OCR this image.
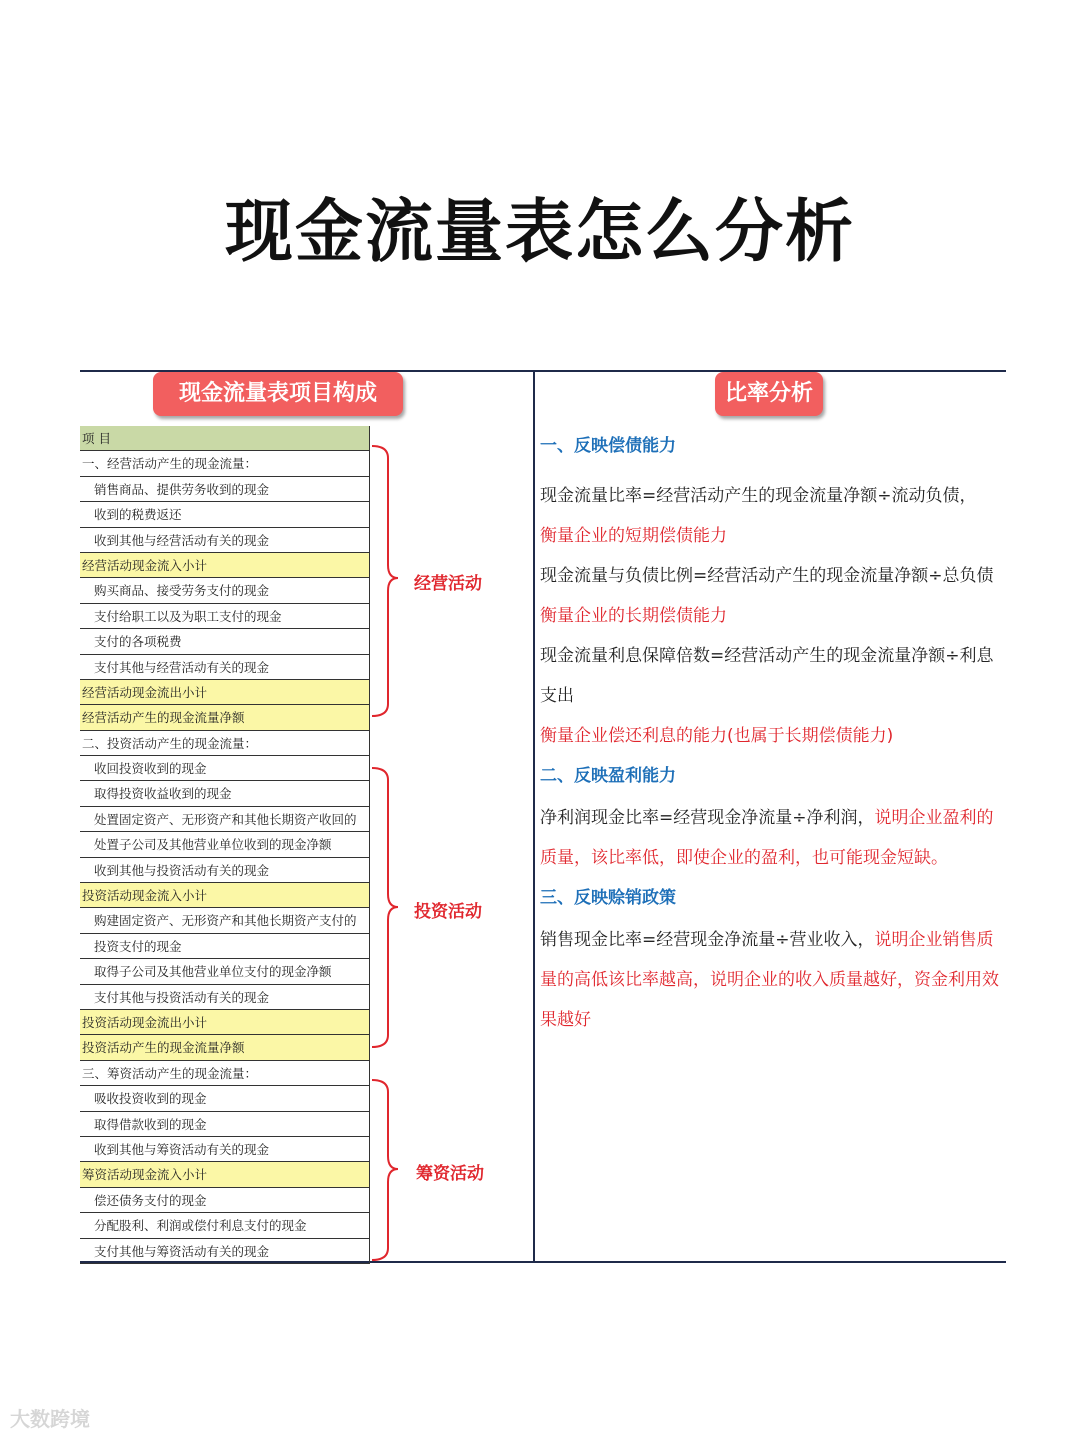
现金流量表怎么分析
现金流量表项目构成	比率分析
项 目
一、经营活动产生的现金流量：
销售商品、提供劳务收到的现金
收到的税费返还
收到其他与经营活动有关的现金
经营活动现金流入小计
购买商品、接受劳务支付的现金
支付给职工以及为职工支付的现金
支付的各项税费
支付其他与经营活动有关的现金
经营活动现金流出小计
经营活动产生的现金流量净额
二、投资活动产生的现金流量：
收回投资收到的现金
取得投资收益收到的现金
处置固定资产、无形资产和其他长期资产收回的
处置子公司及其他营业单位收到的现金净额
收到其他与投资活动有关的现金
投资活动现金流入小计
购建固定资产、无形资产和其他长期资产支付的
投资支付的现金
取得子公司及其他营业单位支付的现金净额
支付其他与投资活动有关的现金
投资活动现金流出小计
投资活动产生的现金流量净额
三、筹资活动产生的现金流量：
吸收投资收到的现金
取得借款收到的现金
收到其他与筹资活动有关的现金
筹资活动现金流入小计
偿还债务支付的现金
分配股利、利润或偿付利息支付的现金
支付其他与筹资活动有关的现金
经营活动
投资活动
筹资活动
一、反映偿债能力
现金流量比率=经营活动产生的现金流量净额÷流动负债，
衡量企业的短期偿债能力
现金流量与负债比例=经营活动产生的现金流量净额÷总负债
衡量企业的长期偿债能力
现金流量利息保障倍数=经营活动产生的现金流量净额÷利息
支出
衡量企业偿还利息的能力(也属于长期偿债能力)
二、反映盈利能力
净利润现金比率=经营现金净流量÷净利润，说明企业盈利的
质量，该比率低，即使企业的盈利，也可能现金短缺。
三、反映赊销政策
销售现金比率=经营现金净流量÷营业收入，说明企业销售质
量的高低该比率越高，说明企业的收入质量越好，资金利用效
果越好
大数跨境
